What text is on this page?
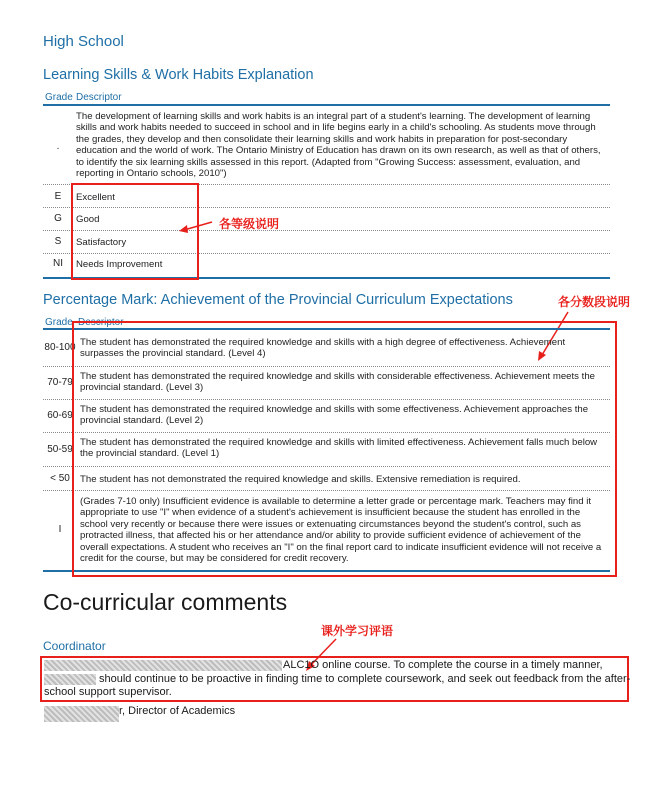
High School
Learning Skills & Work Habits Explanation
Grade Descriptor
·
The development of learning skills and work habits is an integral part of a student's learning. The development of learning skills and work habits needed to succeed in school and in life begins early in a child's schooling. As students move through the grades, they develop and then consolidate their learning skills and work habits in preparation for post-secondary education and the world of work. The Ontario Ministry of Education has drawn on its own research, as well as that of others, to identify the six learning skills assessed in this report. (Adapted from "Growing Success: assessment, evaluation, and reporting in Ontario schools, 2010")
E	Excellent
G	Good
S	Satisfactory
NI	Needs Improvement
各等级说明
Percentage Mark: Achievement of the Provincial Curriculum Expectations	各分数段说明
Grade Descriptor
80-100 The student has demonstrated the required knowledge and skills with a high degree of effectiveness. Achievement surpasses the provincial standard. (Level 4)
70-79
The student has demonstrated the required knowledge and skills with considerable effectiveness. Achievement meets the provincial standard. (Level 3)
60-69
The student has demonstrated the required knowledge and skills with some effectiveness. Achievement approaches the provincial standard. (Level 2)
50-59
The student has demonstrated the required knowledge and skills with limited effectiveness. Achievement falls much below the provincial standard. (Level 1)
< 50	The student has not demonstrated the required knowledge and skills. Extensive remediation is required.
I
(Grades 7-10 only) Insufficient evidence is available to determine a letter grade or percentage mark. Teachers may find it appropriate to use "I" when evidence of a student's achievement is insufficient because the student has enrolled in the school very recently or because there were issues or extenuating circumstances beyond the student's control, such as protracted illness, that affected his or her attendance and/or ability to provide sufficient evidence of achievement of the overall expectations. A student who receives an "I" on the final report card to indicate insufficient evidence will not receive a credit for the course, but may be considered for credit recovery.
Co-curricular comments
Coordinator
课外学习评语
ALC1O online course. To complete the course in a timely manner,
should continue to be proactive in finding time to complete coursework, and seek out feedback from the after-
school support supervisor.
r, Director of Academics
